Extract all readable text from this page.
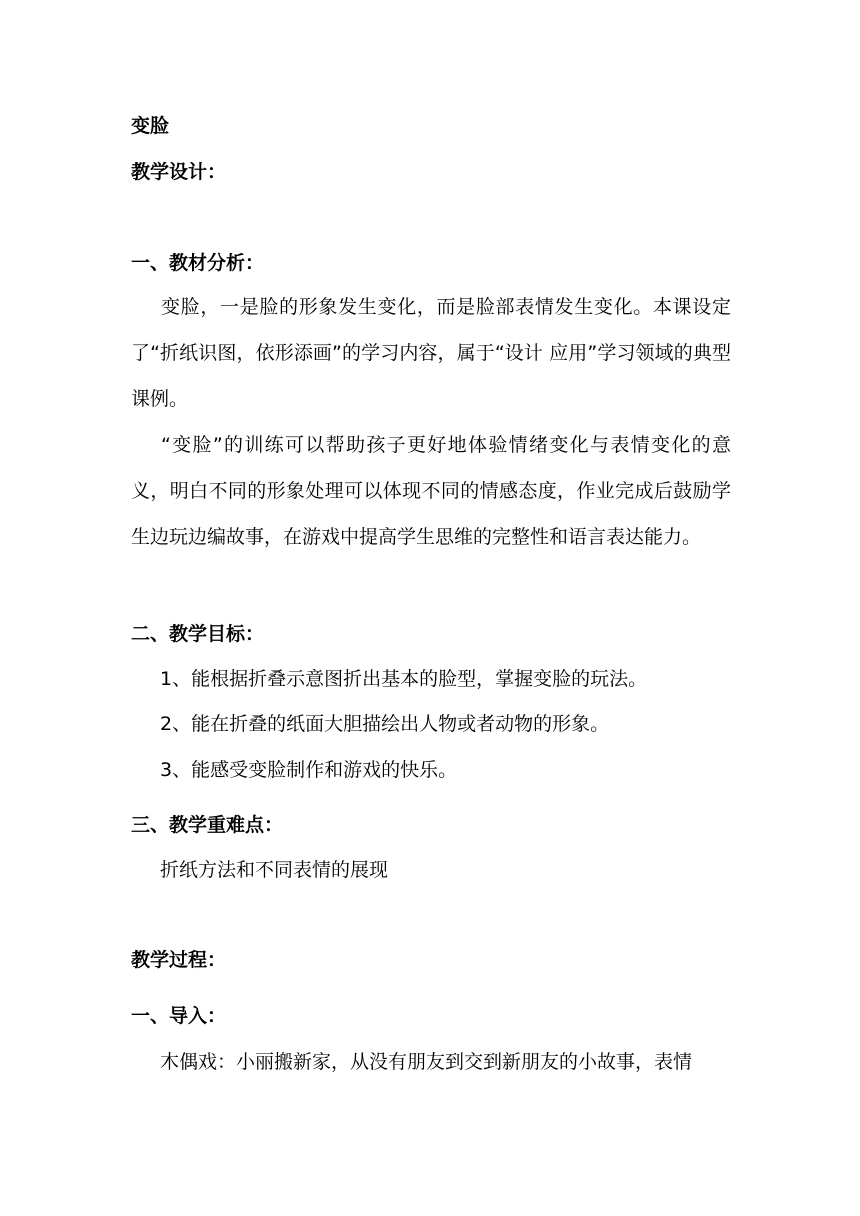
变脸
教学设计：
一、教材分析：

变脸，一是脸的形象发生变化，而是脸部表情发生变化。本课设定了“折纸识图，依形添画”的学习内容，属于“设计 应用”学习领域的典型课例。

“变脸”的训练可以帮助孩子更好地体验情绪变化与表情变化的意义，明白不同的形象处理可以体现不同的情感态度，作业完成后鼓励学生边玩边编故事，在游戏中提高学生思维的完整性和语言表达能力。

二、教学目标：
1、能根据折叠示意图折出基本的脸型，掌握变脸的玩法。
2、能在折叠的纸面大胆描绘出人物或者动物的形象。
3、能感受变脸制作和游戏的快乐。
三、教学重难点：
折纸方法和不同表情的展现
教学过程：
一、导入：
木偶戏：小丽搬新家，从没有朋友到交到新朋友的小故事，表情
